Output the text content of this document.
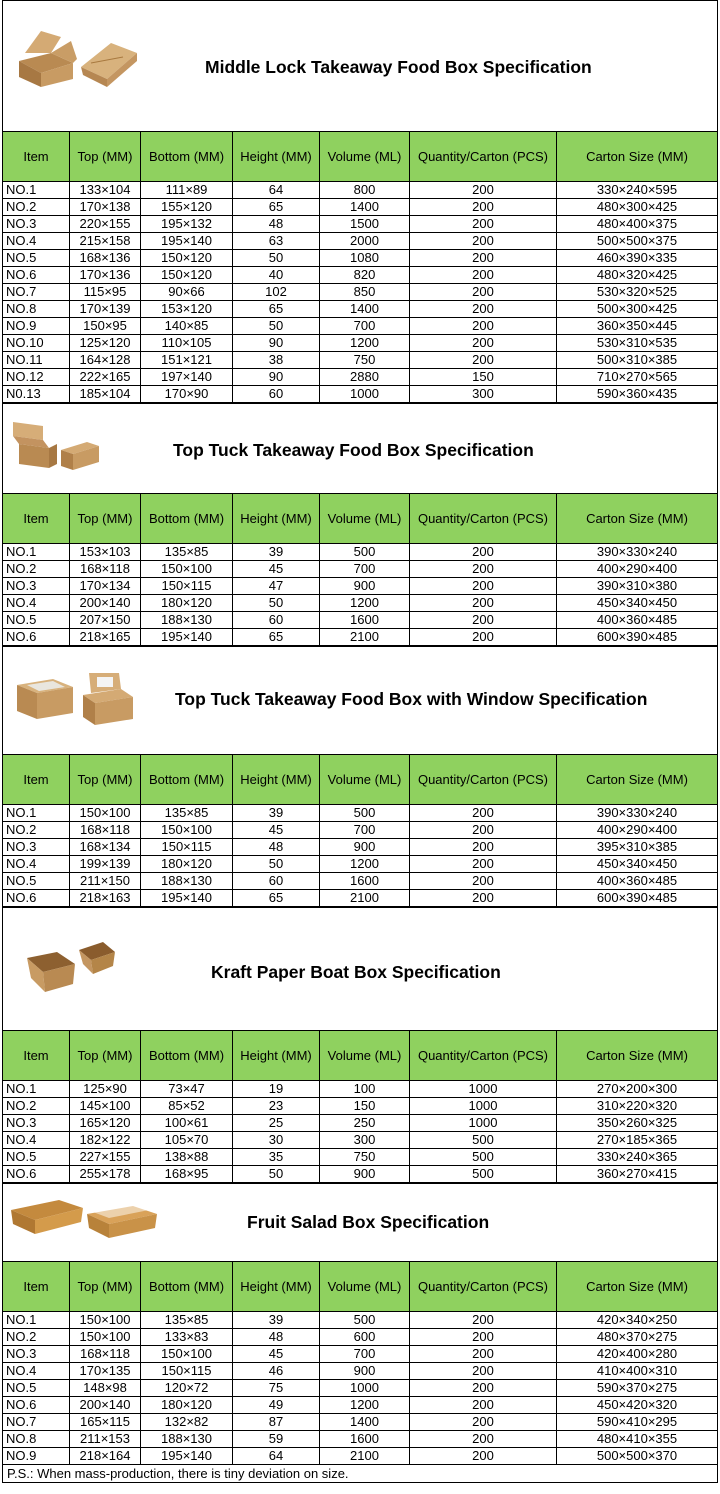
Middle Lock Takeaway Food Box Specification
Item	Top (MM)	Bottom (MM)	Height (MM)	Volume (ML)	Quantity/Carton (PCS)	Carton Size (MM)
NO.1	133×104	111×89	64	800	200	330×240×595
NO.2	170×138	155×120	65	1400	200	480×300×425
NO.3	220×155	195×132	48	1500	200	480×400×375
NO.4	215×158	195×140	63	2000	200	500×500×375
NO.5	168×136	150×120	50	1080	200	460×390×335
NO.6	170×136	150×120	40	820	200	480×320×425
NO.7	115×95	90×66	102	850	200	530×320×525
NO.8	170×139	153×120	65	1400	200	500×300×425
NO.9	150×95	140×85	50	700	200	360×350×445
NO.10	125×120	110×105	90	1200	200	530×310×535
NO.11	164×128	151×121	38	750	200	500×310×385
NO.12	222×165	197×140	90	2880	150	710×270×565
N0.13	185×104	170×90	60	1000	300	590×360×435
Top Tuck Takeaway Food Box Specification
Item	Top (MM)	Bottom (MM)	Height (MM)	Volume (ML)	Quantity/Carton (PCS)	Carton Size (MM)
NO.1	153×103	135×85	39	500	200	390×330×240
NO.2	168×118	150×100	45	700	200	400×290×400
NO.3	170×134	150×115	47	900	200	390×310×380
NO.4	200×140	180×120	50	1200	200	450×340×450
NO.5	207×150	188×130	60	1600	200	400×360×485
NO.6	218×165	195×140	65	2100	200	600×390×485
Top Tuck Takeaway Food Box with Window Specification
Item	Top (MM)	Bottom (MM)	Height (MM)	Volume (ML)	Quantity/Carton (PCS)	Carton Size (MM)
NO.1	150×100	135×85	39	500	200	390×330×240
NO.2	168×118	150×100	45	700	200	400×290×400
NO.3	168×134	150×115	48	900	200	395×310×385
NO.4	199×139	180×120	50	1200	200	450×340×450
NO.5	211×150	188×130	60	1600	200	400×360×485
NO.6	218×163	195×140	65	2100	200	600×390×485
Kraft Paper Boat Box Specification
Item	Top (MM)	Bottom (MM)	Height (MM)	Volume (ML)	Quantity/Carton (PCS)	Carton Size (MM)
NO.1	125×90	73×47	19	100	1000	270×200×300
NO.2	145×100	85×52	23	150	1000	310×220×320
NO.3	165×120	100×61	25	250	1000	350×260×325
NO.4	182×122	105×70	30	300	500	270×185×365
NO.5	227×155	138×88	35	750	500	330×240×365
NO.6	255×178	168×95	50	900	500	360×270×415
Fruit Salad Box Specification
Item	Top (MM)	Bottom (MM)	Height (MM)	Volume (ML)	Quantity/Carton (PCS)	Carton Size (MM)
NO.1	150×100	135×85	39	500	200	420×340×250
NO.2	150×100	133×83	48	600	200	480×370×275
NO.3	168×118	150×100	45	700	200	420×400×280
NO.4	170×135	150×115	46	900	200	410×400×310
NO.5	148×98	120×72	75	1000	200	590×370×275
NO.6	200×140	180×120	49	1200	200	450×420×320
NO.7	165×115	132×82	87	1400	200	590×410×295
NO.8	211×153	188×130	59	1600	200	480×410×355
NO.9	218×164	195×140	64	2100	200	500×500×370
P.S.: When mass-production, there is tiny deviation on size.
